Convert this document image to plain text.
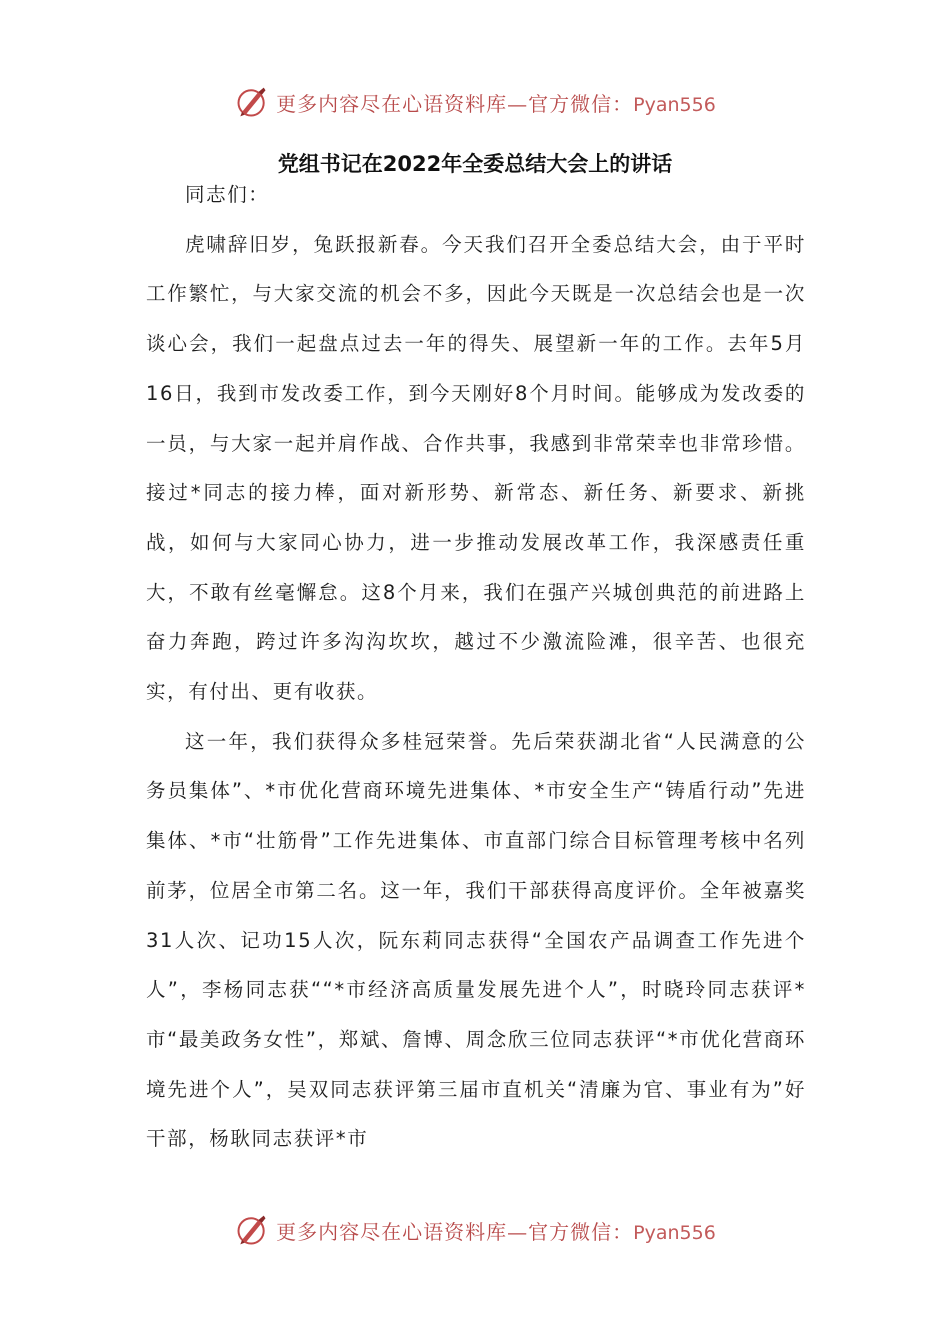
更多内容尽在心语资料库—官方微信：Pyan556
党组书记在2022年全委总结大会上的讲话

同志们：

虎啸辞旧岁，兔跃报新春。今天我们召开全委总结大会，由于平时工作繁忙，与大家交流的机会不多，因此今天既是一次总结会也是一次谈心会，我们一起盘点过去一年的得失、展望新一年的工作。去年5月16日，我到市发改委工作，到今天刚好8个月时间。能够成为发改委的一员，与大家一起并肩作战、合作共事，我感到非常荣幸也非常珍惜。接过*同志的接力棒，面对新形势、新常态、新任务、新要求、新挑战，如何与大家同心协力，进一步推动发展改革工作，我深感责任重大，不敢有丝毫懈怠。这8个月来，我们在强产兴城创典范的前进路上奋力奔跑，跨过许多沟沟坎坎，越过不少激流险滩，很辛苦、也很充实，有付出、更有收获。

这一年，我们获得众多桂冠荣誉。先后荣获湖北省“人民满意的公务员集体”、*市优化营商环境先进集体、*市安全生产“铸盾行动”先进集体、*市“壮筋骨”工作先进集体、市直部门综合目标管理考核中名列前茅，位居全市第二名。这一年，我们干部获得高度评价。全年被嘉奖31人次、记功15人次，阮东莉同志获得“全国农产品调查工作先进个人”，李杨同志获““*市经济高质量发展先进个人”，时晓玲同志获评*市“最美政务女性”，郑斌、詹博、周念欣三位同志获评“*市优化营商环境先进个人”，吴双同志获评第三届市直机关“清廉为官、事业有为”好干部，杨耿同志获评*市

更多内容尽在心语资料库—官方微信：Pyan556
